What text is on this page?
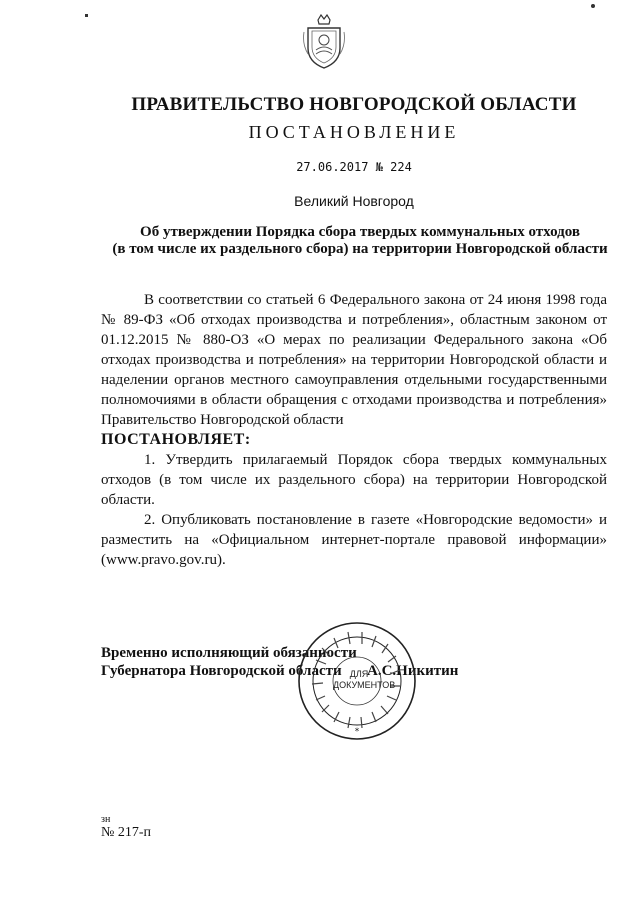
ПРАВИТЕЛЬСТВО НОВГОРОДСКОЙ ОБЛАСТИ
ПОСТАНОВЛЕНИЕ
27.06.2017 № 224
Великий Новгород
Об утверждении Порядка сбора твердых коммунальных отходов
(в том числе их раздельного сбора) на территории Новгородской области

В соответствии со статьей 6 Федерального закона от 24 июня 1998 года № 89-ФЗ «Об отходах производства и потребления», областным законом от 01.12.2015 № 880-ОЗ «О мерах по реализации Федерального закона «Об отходах производства и потребления» на территории Новгородской области и наделении органов местного самоуправления отдельными государственными полномочиями в области обращения с отходами производства и потребления» Правительство Новгородской области

ПОСТАНОВЛЯЕТ:

1. Утвердить прилагаемый Порядок сбора твердых коммунальных отходов (в том числе их раздельного сбора) на территории Новгородской области.

2. Опубликовать постановление в газете «Новгородские ведомости» и разместить на «Официальном интернет-портале правовой информации» (www.pravo.gov.ru).

Временно исполняющий обязанности
Губернатора Новгородской области А.С.Никитин
*
ДЛЯ
ДОКУМЕНТОВ
зн
№ 217-п
